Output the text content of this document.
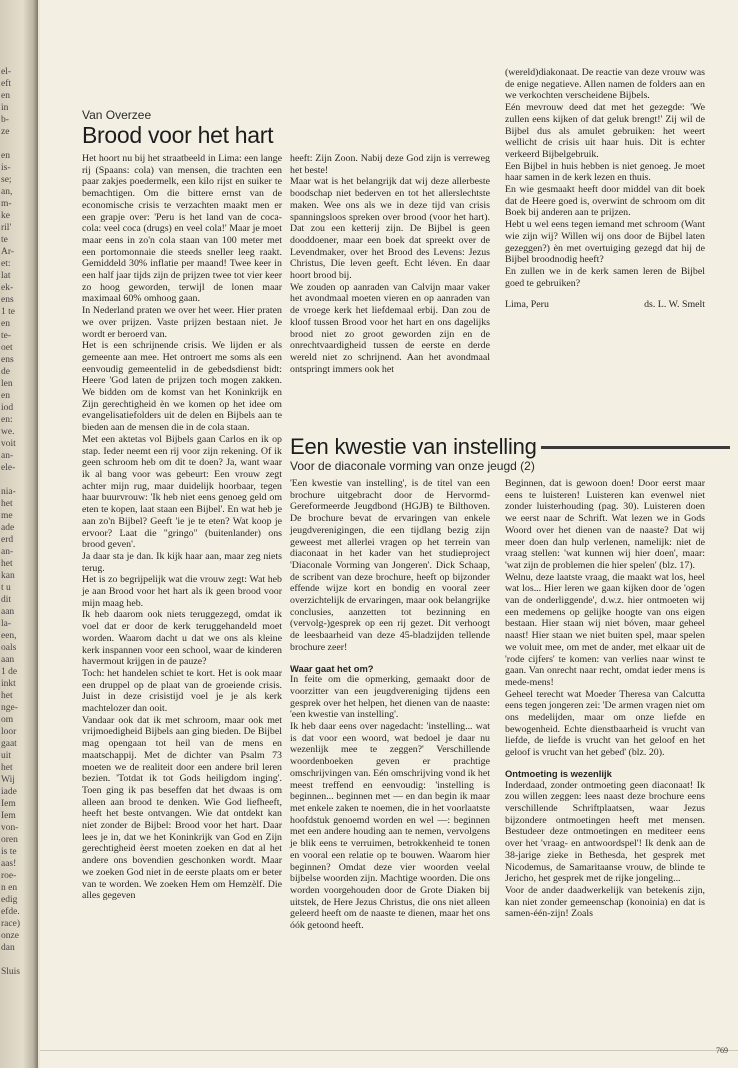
el-
eft
en
in
b-
ze
en
is-
se;
an,
m-
ke
ril'
te
Ar-
et:
lat
ek-
ens
1 te
en
te-
oet
ens
de
len
en
iod
en:
we.
voit
an-
ele-
nia-
het
me
ade
erd
an-
het
kan
t u
dit
aan
la-
een,
oals
aan
1 de
inkt
het
nge-
om
loor
gaat
uit
het
Wij
iade
Iem
Iem
von-
oren
is te
aas!
roe-
n en
edig
efde.
race)
onze
dan
Sluis
Van Overzee
Brood voor het hart

Het hoort nu bij het straatbeeld in Lima: een lange rij (Spaans: cola) van mensen, die trachten een paar zakjes poedermelk, een kilo rijst en suiker te bemachtigen. Om die bittere ernst van de economische crisis te verzachten maakt men er een grapje over: 'Peru is het land van de coca-cola: veel coca (drugs) en veel cola!' Maar je moet maar eens in zo'n cola staan van 100 meter met een portomonnaie die steeds sneller leeg raakt. Gemiddeld 30% inflatie per maand! Twee keer in een half jaar tijds zijn de prijzen twee tot vier keer zo hoog geworden, terwijl de lonen maar maximaal 60% omhoog gaan.

In Nederland praten we over het weer. Hier praten we over prijzen. Vaste prijzen bestaan niet. Je wordt er beroerd van.

Het is een schrijnende crisis. We lijden er als gemeente aan mee. Het ontroert me soms als een eenvoudig gemeentelid in de gebedsdienst bidt: Heere 'God laten de prijzen toch mogen zakken. We bidden om de komst van het Koninkrijk en Zijn gerechtigheid èn we komen op het idee om evangelisatiefolders uit de delen en Bijbels aan te bieden aan de mensen die in de cola staan.

Met een aktetas vol Bijbels gaan Carlos en ik op stap. Ieder neemt een rij voor zijn rekening. Of ik geen schroom heb om dit te doen? Ja, want waar ik al bang voor was gebeurt: Een vrouw zegt achter mijn rug, maar duidelijk hoorbaar, tegen haar buurvrouw: 'Ik heb niet eens genoeg geld om eten te kopen, laat staan een Bijbel'. En wat heb je aan zo'n Bijbel? Geeft 'ie je te eten? Wat koop je ervoor? Laat die "gringo" (buitenlander) ons brood geven'.

Ja daar sta je dan. Ik kijk haar aan, maar zeg niets terug.

Het is zo begrijpelijk wat die vrouw zegt: Wat heb je aan Brood voor het hart als ik geen brood voor mijn maag heb.

Ik heb daarom ook niets teruggezegd, omdat ik voel dat er door de kerk teruggehandeld moet worden. Waarom dacht u dat we ons als kleine kerk inspannen voor een school, waar de kinderen havermout krijgen in de pauze?

Toch: het handelen schiet te kort. Het is ook maar een druppel op de plaat van de groeiende crisis. Juist in deze crisistijd voel je je als kerk machtelozer dan ooit.

Vandaar ook dat ik met schroom, maar ook met vrijmoedigheid Bijbels aan ging bieden. De Bijbel mag opengaan tot heil van de mens en maatschappij. Met de dichter van Psalm 73 moeten we de realiteit door een andere bril leren bezien. 'Totdat ik tot Gods heiligdom inging'. Toen ging ik pas beseffen dat het dwaas is om alleen aan brood te denken. Wie God liefheeft, heeft het beste ontvangen. Wie dat ontdekt kan niet zonder de Bijbel: Brood voor het hart. Daar lees je in, dat we het Koninkrijk van God en Zijn gerechtigheid èerst moeten zoeken en dat al het andere ons bovendien geschonken wordt. Maar we zoeken God niet in de eerste plaats om er beter van te worden. We zoeken Hem om Hemzèlf. Die alles gegeven

heeft: Zijn Zoon. Nabij deze God zijn is verreweg het beste!

Maar wat is het belangrijk dat wij deze allerbeste boodschap niet bederven en tot het allerslechtste maken. Wee ons als we in deze tijd van crisis spanningsloos spreken over brood (voor het hart). Dat zou een ketterij zijn. De Bijbel is geen dooddoener, maar een boek dat spreekt over de Levendmaker, over het Brood des Levens: Jezus Christus, Die leven geeft. Echt léven. En daar hoort brood bij.

We zouden op aanraden van Calvijn maar vaker het avondmaal moeten vieren en op aanraden van de vroege kerk het liefdemaal erbij. Dan zou de kloof tussen Brood voor het hart en ons dagelijks brood niet zo groot geworden zijn en de onrechtvaardigheid tussen de eerste en derde wereld niet zo schrijnend. Aan het avondmaal ontspringt immers ook het

(wereld)diakonaat. De reactie van deze vrouw was de enige negatieve. Allen namen de folders aan en we verkochten verscheidene Bijbels.

Eén mevrouw deed dat met het gezegde: 'We zullen eens kijken of dat geluk brengt!' Zij wil de Bijbel dus als amulet gebruiken: het weert wellicht de crisis uit haar huis. Dit is echter verkeerd Bijbelgebruik.

Een Bijbel in huis hebben is niet genoeg. Je moet haar samen in de kerk lezen en thuis.

En wie gesmaakt heeft door middel van dit boek dat de Heere goed is, overwint de schroom om dit Boek bij anderen aan te prijzen.

Hebt u wel eens tegen iemand met schroom (Want wie zijn wij? Willen wij ons door de Bijbel laten gezeggen?) èn met overtuiging gezegd dat hij de Bijbel broodnodig heeft?

En zullen we in de kerk samen leren de Bijbel goed te gebruiken?

Lima, Peru	ds. L. W. Smelt
Een kwestie van instelling
Voor de diaconale vorming van onze jeugd (2)

'Een kwestie van instelling', is de titel van een brochure uitgebracht door de Hervormd-Gereformeerde Jeugdbond (HGJB) te Bilthoven. De brochure bevat de ervaringen van enkele jeugdverenigingen, die een tijdlang bezig zijn geweest met allerlei vragen op het terrein van diaconaat in het kader van het studieproject 'Diaconale Vorming van Jongeren'. Dick Schaap, de scribent van deze brochure, heeft op bijzonder effende wijze kort en bondig en vooral zeer overzichtelijk de ervaringen, maar ook belangrijke conclusies, aanzetten tot bezinning en (vervolg-)gesprek op een rij gezet. Dit verhoogt de leesbaarheid van deze 45-bladzijden tellende brochure zeer!

Waar gaat het om?

In feite om die opmerking, gemaakt door de voorzitter van een jeugdvereniging tijdens een gesprek over het helpen, het dienen van de naaste: 'een kwestie van instelling'.

Ik heb daar eens over nagedacht: 'instelling... wat is dat voor een woord, wat bedoel je daar nu wezenlijk mee te zeggen?' Verschillende woordenboeken geven er prachtige omschrijvingen van. Eén omschrijving vond ik het meest treffend en eenvoudig: 'instelling is beginnen... beginnen met — en dan begin ik maar met enkele zaken te noemen, die in het voorlaatste hoofdstuk genoemd worden en wel —: beginnen met een andere houding aan te nemen, vervolgens je blik eens te verruimen, betrokkenheid te tonen en vooral een relatie op te bouwen. Waarom hier beginnen? Omdat deze vier woorden veelal bijbelse woorden zijn. Machtige woorden. Die ons worden voorgehouden door de Grote Diaken bij uitstek, de Here Jezus Christus, die ons niet alleen geleerd heeft om de naaste te dienen, maar het ons óók getoond heeft.

Beginnen, dat is gewoon doen! Door eerst maar eens te luisteren! Luisteren kan evenwel niet zonder luisterhouding (pag. 30). Luisteren doen we eerst naar de Schrift. Wat lezen we in Gods Woord over het dienen van de naaste? Dat wij meer doen dan hulp verlenen, namelijk: niet de vraag stellen: 'wat kunnen wij hier doen', maar: 'wat zijn de problemen die hier spelen' (blz. 17).

Welnu, deze laatste vraag, die maakt wat los, heel wat los... Hier leren we gaan kijken door de 'ogen van de onderliggende', d.w.z. hier ontmoeten wij een medemens op gelijke hoogte van ons eigen bestaan. Hier staan wij niet bóven, maar geheel naast! Hier staan we niet buiten spel, maar spelen we voluit mee, om met de ander, met elkaar uit de 'rode cijfers' te komen: van verlies naar winst te gaan. Van onrecht naar recht, omdat ieder mens is mede-mens!

Geheel terecht wat Moeder Theresa van Calcutta eens tegen jongeren zei: 'De armen vragen niet om ons medelijden, maar om onze liefde en bewogenheid. Echte dienstbaarheid is vrucht van liefde, de liefde is vrucht van het geloof en het geloof is vrucht van het gebed' (blz. 20).

Ontmoeting is wezenlijk

Inderdaad, zonder ontmoeting geen diaconaat! Ik zou willen zeggen: lees naast deze brochure eens verschillende Schriftplaatsen, waar Jezus bijzondere ontmoetingen heeft met mensen. Bestudeer deze ontmoetingen en mediteer eens over het 'vraag- en antwoordspel'! Ik denk aan de 38-jarige zieke in Bethesda, het gesprek met Nicodemus, de Samaritaanse vrouw, de blinde te Jericho, het gesprek met de rijke jongeling...

Voor de ander daadwerkelijk van betekenis zijn, kan niet zonder gemeenschap (konoinia) en dat is samen-één-zijn! Zoals

769
